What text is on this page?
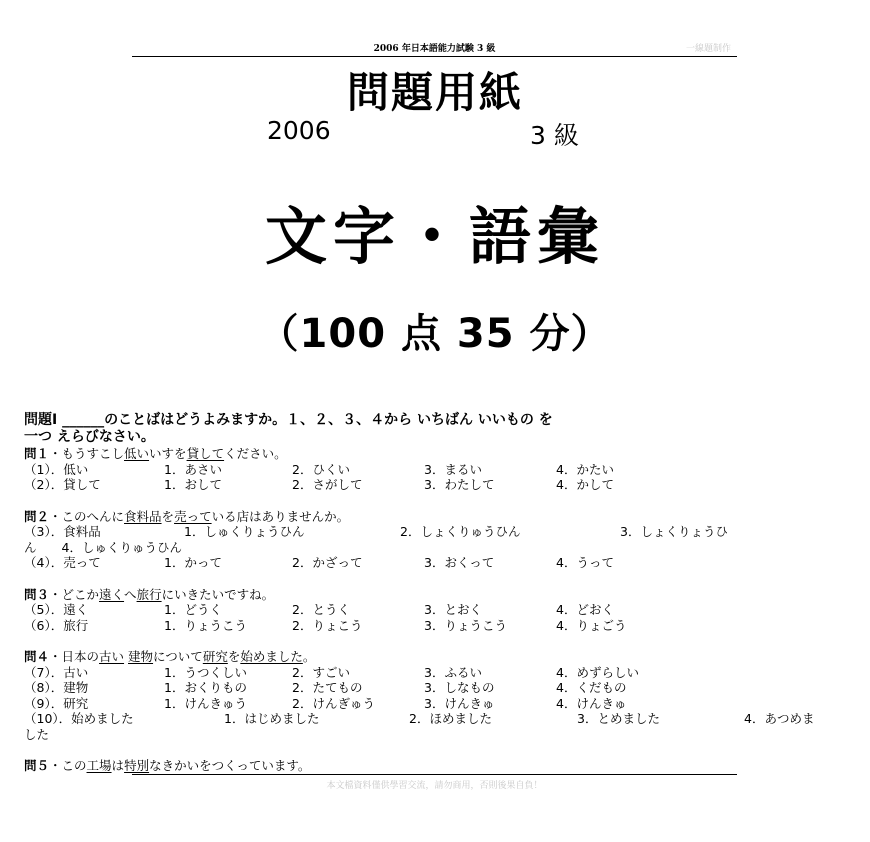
2006 年日本語能力試験 3 級	一線題制作
問題用紙
2006	3 級
文字・語彙
（100 点 35 分）
問題Ⅰ ______のことばはどうよみますか。１、２、３、４から いちばん いいもの を
一つ えらびなさい。
問１・もうすこし低いいすを貸してください。
（1）．低い	1．あさい	2．ひくい	3．まるい	4．かたい
（2）．貸して	1．おして	2．さがして	3．わたして	4．かして
問２・このへんに食料品を売っている店はありませんか。
（3）．食料品	1．しゅくりょうひん	2．しょくりゅうひん	3．しょくりょうひ
ん　　4．しゅくりゅうひん
（4）．売って	1．かって	2．かざって	3．おくって	4．うって
問３・どこか遠くへ旅行にいきたいですね。
（5）．遠く	1．どうく	2．とうく	3．とおく	4．どおく
（6）．旅行	1．りょうこう	2．りょこう	3．りょうこう	4．りょごう
問４・日本の古い 建物について研究を始めました。
（7）．古い	1．うつくしい	2．すごい	3．ふるい	4．めずらしい
（8）．建物	1．おくりもの	2．たてもの	3．しなもの	4．くだもの
（9）．研究	1．けんきゅう	2．けんぎゅう	3．けんきゅ	4．けんきゅ
（10）．始めました	1．はじめました	2．ほめました	3．とめました	4．あつめま
した
問５・この工場は特別なきかいをつくっています。
本文檔資料僅供學習交流，請勿商用，否則後果自負！
